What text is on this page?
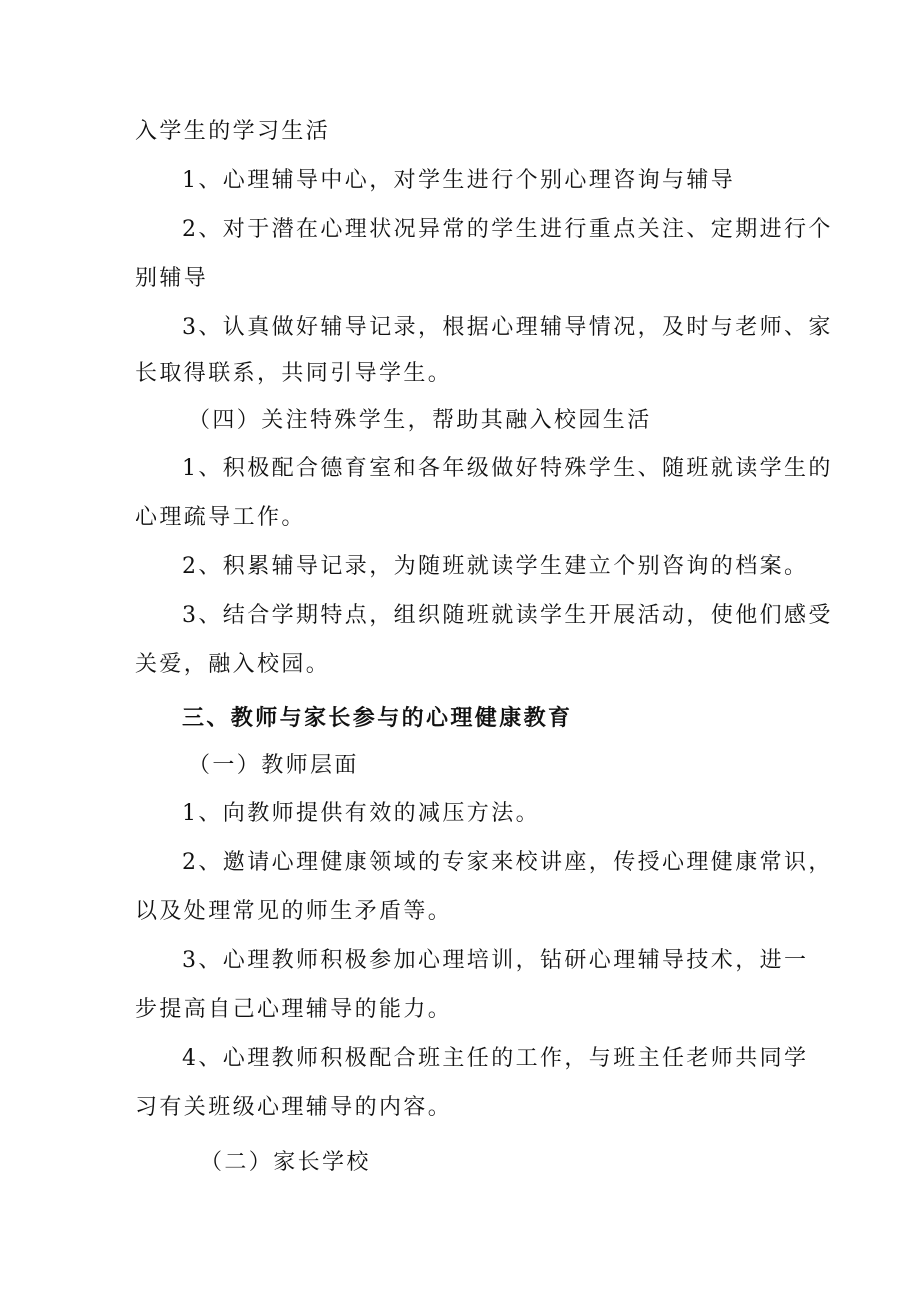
入学生的学习生活
1、心理辅导中心，对学生进行个别心理咨询与辅导
2、对于潜在心理状况异常的学生进行重点关注、定期进行个
别辅导
3、认真做好辅导记录，根据心理辅导情况，及时与老师、家
长取得联系，共同引导学生。
（四）关注特殊学生，帮助其融入校园生活
1、积极配合德育室和各年级做好特殊学生、随班就读学生的
心理疏导工作。
2、积累辅导记录，为随班就读学生建立个别咨询的档案。
3、结合学期特点，组织随班就读学生开展活动，使他们感受
关爱，融入校园。
三、教师与家长参与的心理健康教育
（一）教师层面
1、向教师提供有效的减压方法。
2、邀请心理健康领域的专家来校讲座，传授心理健康常识，
以及处理常见的师生矛盾等。
3、心理教师积极参加心理培训，钻研心理辅导技术，进一
步提高自己心理辅导的能力。
4、心理教师积极配合班主任的工作，与班主任老师共同学
习有关班级心理辅导的内容。
（二）家长学校
